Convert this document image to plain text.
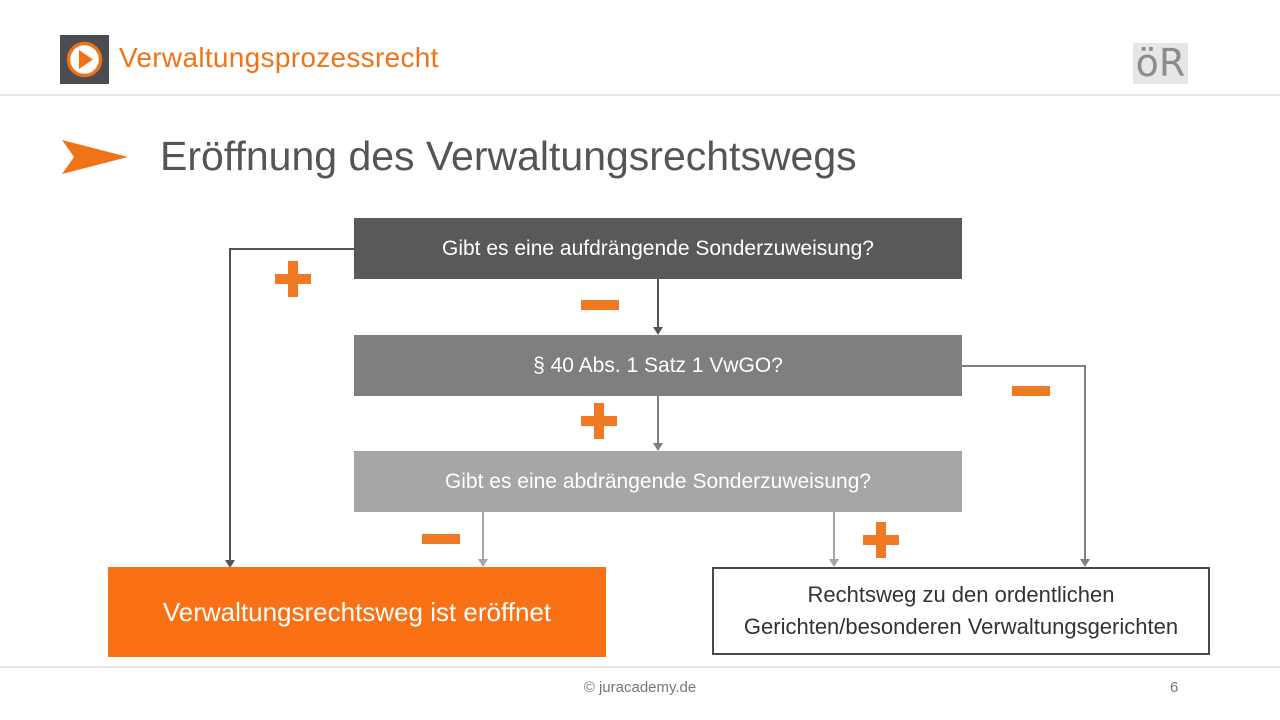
Verwaltungsprozessrecht	öR
Eröffnung des Verwaltungsrechtswegs
Gibt es eine aufdrängende Sonderzuweisung?
§ 40 Abs. 1 Satz 1 VwGO?
Gibt es eine abdrängende Sonderzuweisung?
Verwaltungsrechtsweg ist eröffnet
Rechtsweg zu den ordentlichen
Gerichten/besonderen Verwaltungsgerichten
© juracademy.de	6
